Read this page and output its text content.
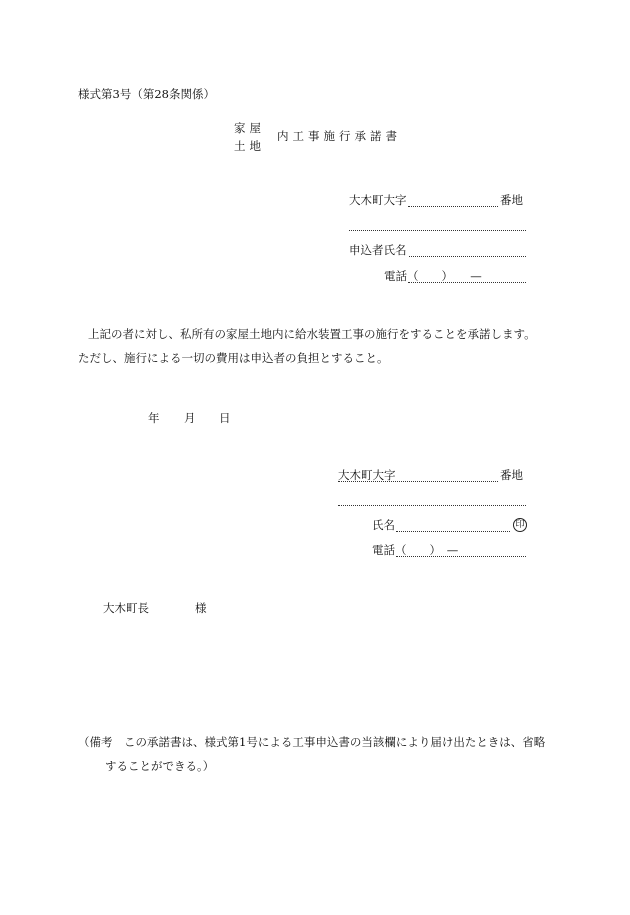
様式第3号（第28条関係）
家屋
土地
内工事施行承諾書
大木町大字	番地
申込者氏名
電話（　　）　　—
上記の者に対し、私所有の家屋土地内に給水装置工事の施行をすることを承諾します。
ただし、施行による一切の費用は申込者の負担とすること。
年 月 日
大木町大字	番地
氏名	印
電話（　　）　—
大木町長	様
（備考　この承諾書は、様式第1号による工事申込書の当該欄により届け出たときは、省略
することができる。）
